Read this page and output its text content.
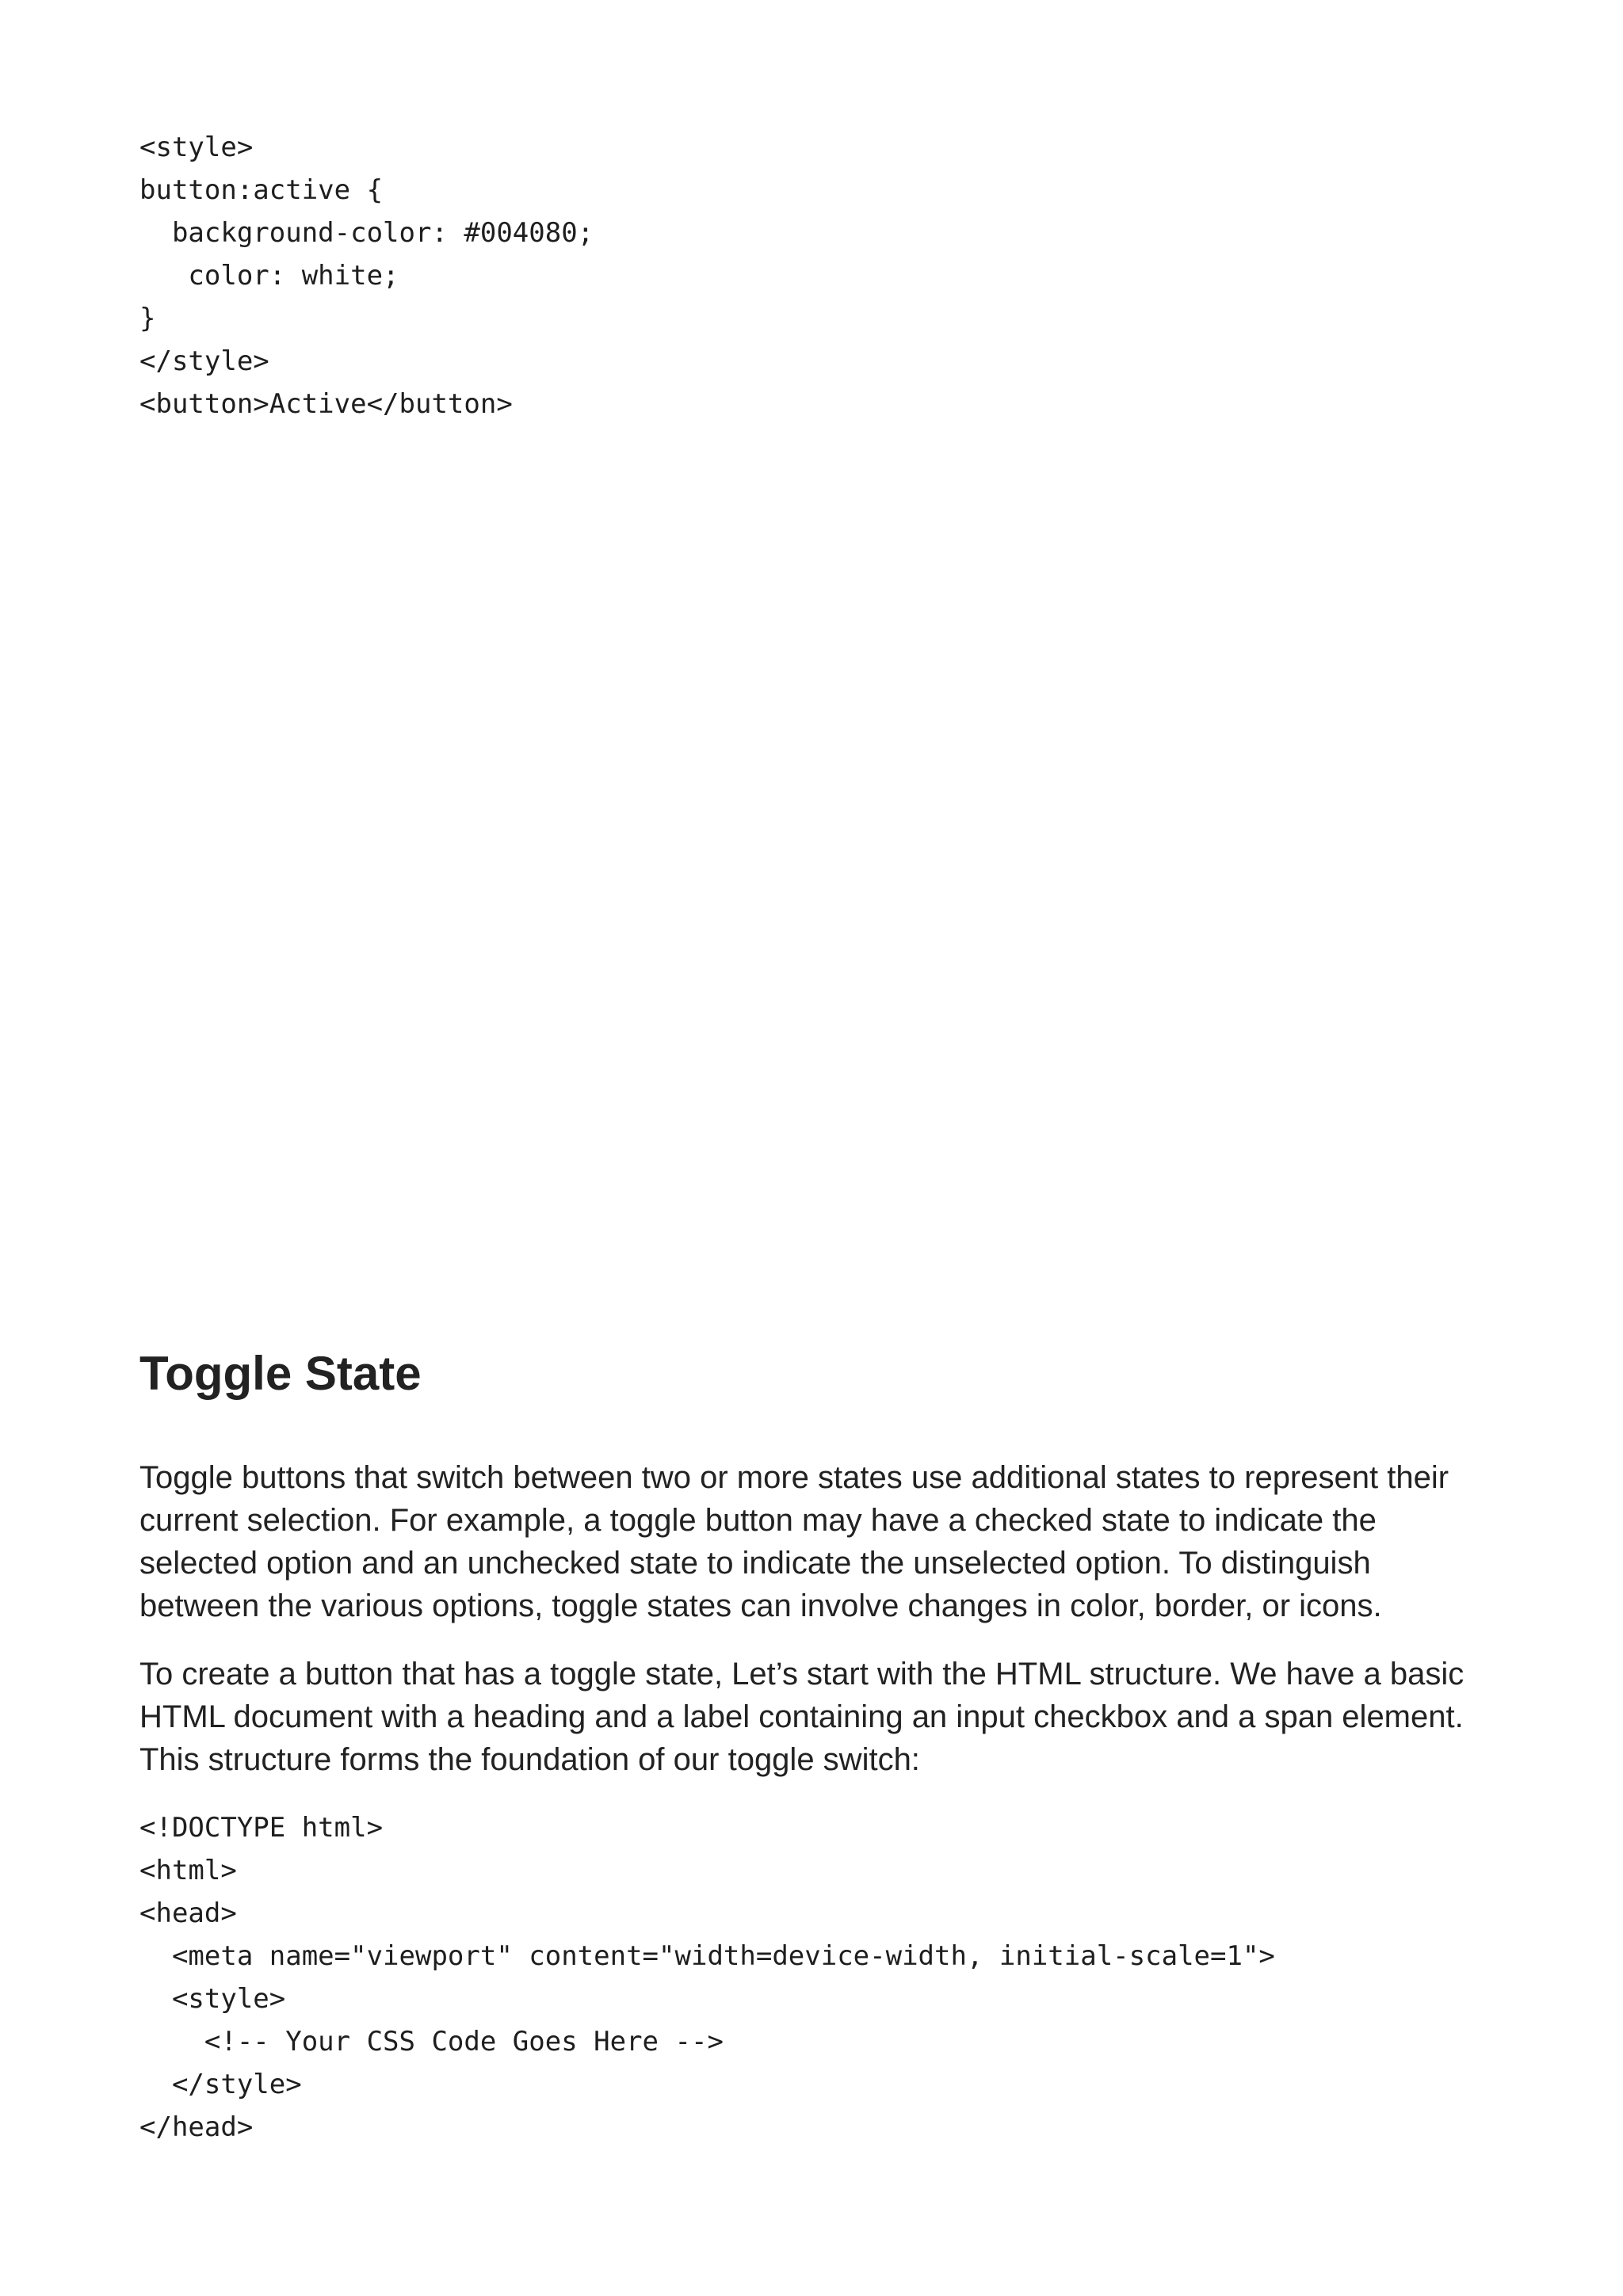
<style>
button:active {
background-color: #004080;
color: white;
}
</style>
<button>Active</button>
Toggle State

Toggle buttons that switch between two or more states use additional states to represent their
current selection. For example, a toggle button may have a checked state to indicate the
selected option and an unchecked state to indicate the unselected option. To distinguish
between the various options, toggle states can involve changes in color, border, or icons.

To create a button that has a toggle state, Let’s start with the HTML structure. We have a basic
HTML document with a heading and a label containing an input checkbox and a span element.
This structure forms the foundation of our toggle switch:

<!DOCTYPE html>
<html>
<head>
<meta name="viewport" content="width=device-width, initial-scale=1">
<style>
<!-- Your CSS Code Goes Here -->
</style>
</head>
